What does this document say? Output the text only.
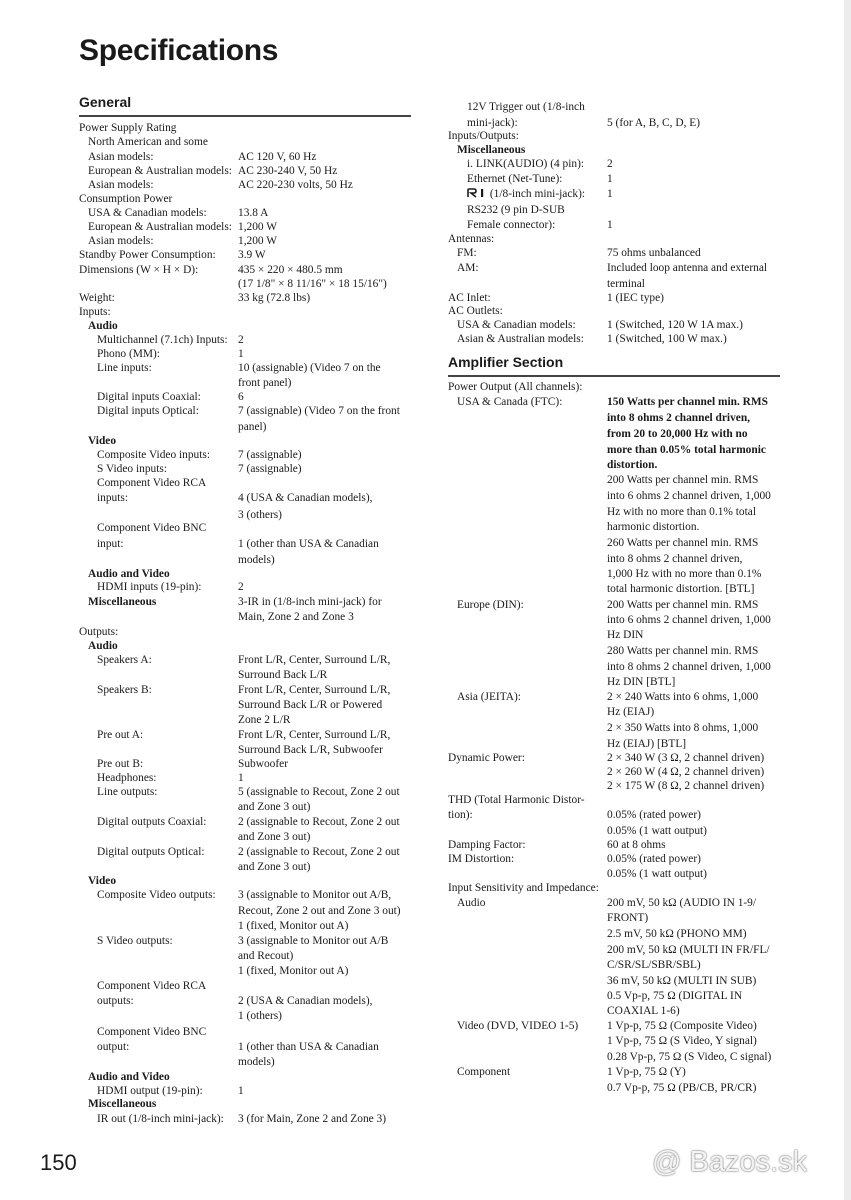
Specifications
General
Amplifier Section
Power Supply Rating
North American and some
Asian models:	AC 120 V, 60 Hz
European & Australian models: AC 230-240 V, 50 Hz
Asian models:	AC 220-230 volts, 50 Hz
Consumption Power
USA & Canadian models:	13.8 A
European & Australian models: 1,200 W
Asian models:	1,200 W
Standby Power Consumption: 3.9 W
Dimensions (W × H × D):	435 × 220 × 480.5 mm
(17 1/8" × 8 11/16" × 18 15/16")
Weight:	33 kg (72.8 lbs)
Inputs:
Audio
Multichannel (7.1ch) Inputs: 2
Phono (MM):	1
Line inputs:	10 (assignable) (Video 7 on the
front panel)
Digital inputs Coaxial:	6
Digital inputs Optical:	7 (assignable) (Video 7 on the front
panel)
Video
Composite Video inputs: 7 (assignable)
S Video inputs:	7 (assignable)
Component Video RCA
inputs:	4 (USA & Canadian models),
3 (others)
Component Video BNC
input:	1 (other than USA & Canadian
models)
Audio and Video
HDMI inputs (19-pin):	2
Miscellaneous	3-IR in (1/8-inch mini-jack) for
Main, Zone 2 and Zone 3
Outputs:
Audio
Speakers A:	Front L/R, Center, Surround L/R,
Surround Back L/R
Speakers B:	Front L/R, Center, Surround L/R,
Surround Back L/R or Powered
Zone 2 L/R
Pre out A:	Front L/R, Center, Surround L/R,
Surround Back L/R, Subwoofer
Pre out B:	Subwoofer
Headphones:	1
Line outputs:	5 (assignable to Recout, Zone 2 out
and Zone 3 out)
Digital outputs Coaxial:	2 (assignable to Recout, Zone 2 out
and Zone 3 out)
Digital outputs Optical:	2 (assignable to Recout, Zone 2 out
and Zone 3 out)
Video
Composite Video outputs: 3 (assignable to Monitor out A/B,
Recout, Zone 2 out and Zone 3 out)
1 (fixed, Monitor out A)
S Video outputs:	3 (assignable to Monitor out A/B
and Recout)
1 (fixed, Monitor out A)
Component Video RCA
outputs:	2 (USA & Canadian models),
1 (others)
Component Video BNC
output:	1 (other than USA & Canadian
models)
Audio and Video
HDMI output (19-pin):	1
Miscellaneous
IR out (1/8-inch mini-jack): 3 (for Main, Zone 2 and Zone 3)
12V Trigger out (1/8-inch
mini-jack):	5 (for A, B, C, D, E)
Inputs/Outputs:
Miscellaneous
i. LINK(AUDIO) (4 pin): 2
Ethernet (Net-Tune):	1
(1/8-inch mini-jack): 1
RS232 (9 pin D-SUB
Female connector):	1
Antennas:
FM:	75 ohms unbalanced
AM:	Included loop antenna and external
terminal
AC Inlet:	1 (IEC type)
AC Outlets:
USA & Canadian models:	1 (Switched, 120 W 1A max.)
Asian & Australian models: 1 (Switched, 100 W max.)
Power Output (All channels):
USA & Canada (FTC):	150 Watts per channel min. RMS
into 8 ohms 2 channel driven,
from 20 to 20,000 Hz with no
more than 0.05% total harmonic
distortion.
200 Watts per channel min. RMS
into 6 ohms 2 channel driven, 1,000
Hz with no more than 0.1% total
harmonic distortion.
260 Watts per channel min. RMS
into 8 ohms 2 channel driven,
1,000 Hz with no more than 0.1%
total harmonic distortion. [BTL]
Europe (DIN):	200 Watts per channel min. RMS
into 6 ohms 2 channel driven, 1,000
Hz DIN
280 Watts per channel min. RMS
into 8 ohms 2 channel driven, 1,000
Hz DIN [BTL]
Asia (JEITA):	2 × 240 Watts into 6 ohms, 1,000
Hz (EIAJ)
2 × 350 Watts into 8 ohms, 1,000
Hz (EIAJ) [BTL]
Dynamic Power:	2 × 340 W (3 Ω, 2 channel driven)
2 × 260 W (4 Ω, 2 channel driven)
2 × 175 W (8 Ω, 2 channel driven)
THD (Total Harmonic Distor-
tion):	0.05% (rated power)
0.05% (1 watt output)
Damping Factor:	60 at 8 ohms
IM Distortion:	0.05% (rated power)
0.05% (1 watt output)
Input Sensitivity and Impedance:
Audio	200 mV, 50 kΩ (AUDIO IN 1-9/
FRONT)
2.5 mV, 50 kΩ (PHONO MM)
200 mV, 50 kΩ (MULTI IN FR/FL/
C/SR/SL/SBR/SBL)
36 mV, 50 kΩ (MULTI IN SUB)
0.5 Vp-p, 75 Ω (DIGITAL IN
COAXIAL 1-6)
Video (DVD, VIDEO 1-5)	1 Vp-p, 75 Ω (Composite Video)
1 Vp-p, 75 Ω (S Video, Y signal)
0.28 Vp-p, 75 Ω (S Video, C signal)
Component	1 Vp-p, 75 Ω (Y)
0.7 Vp-p, 75 Ω (PB/CB, PR/CR)
150	@ Bazos.sk
